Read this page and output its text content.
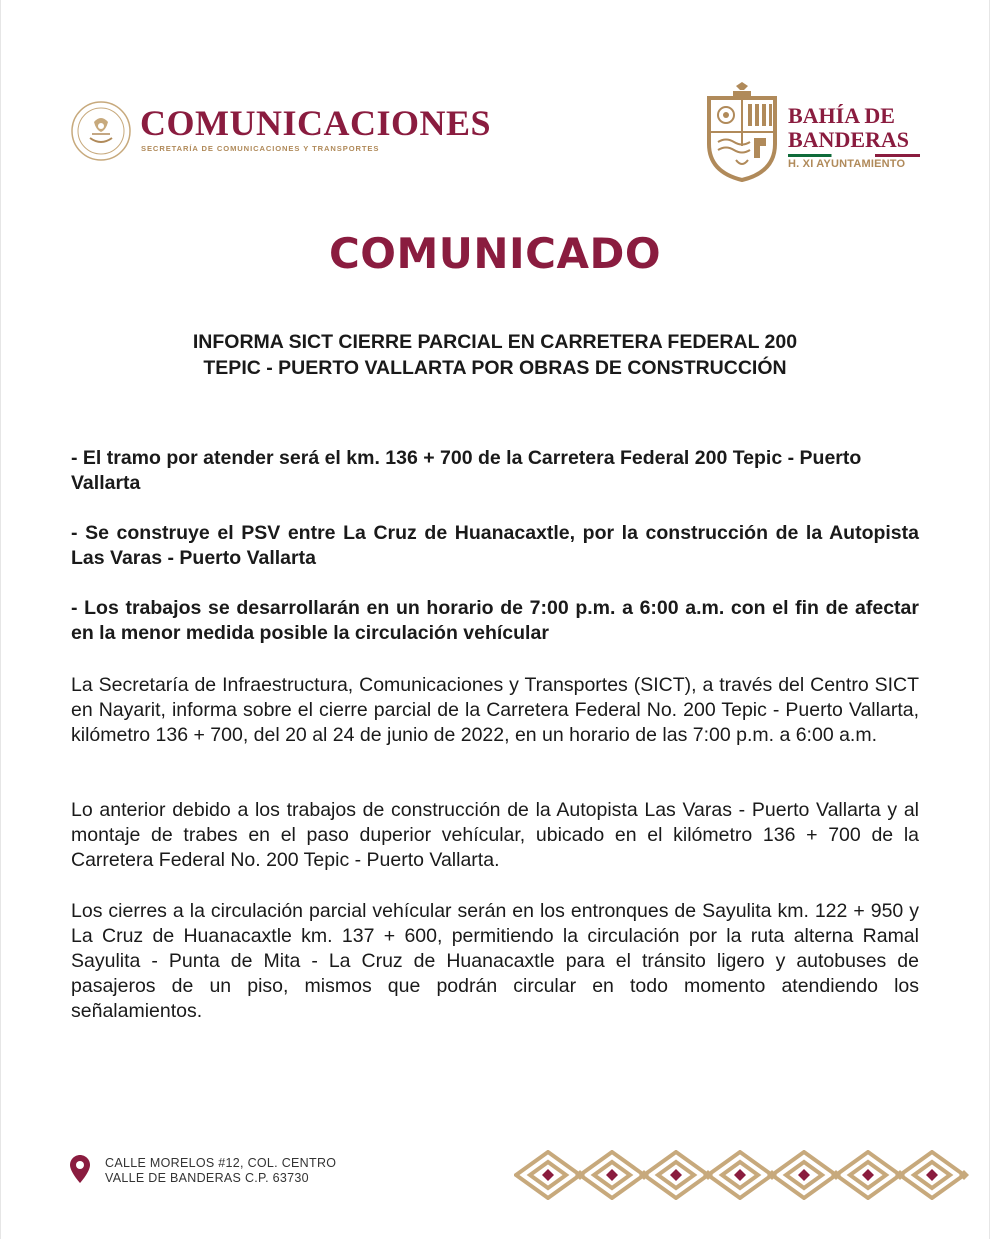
COMUNICACIONES
SECRETARÍA DE COMUNICACIONES Y TRANSPORTES
BAHÍA DE
BANDERAS
H. XI AYUNTAMIENTO
COMUNICADO
INFORMA SICT CIERRE PARCIAL EN CARRETERA FEDERAL 200
TEPIC - PUERTO VALLARTA POR OBRAS DE CONSTRUCCIÓN
- El tramo por atender será el km. 136 + 700 de la Carretera Federal 200 Tepic - Puerto Vallarta
- Se construye el PSV entre La Cruz de Huanacaxtle, por la construcción de la Autopista Las Varas - Puerto Vallarta
- Los trabajos se desarrollarán en un horario de 7:00 p.m. a 6:00 a.m. con el fin de afectar en la menor medida posible la circulación vehícular
La Secretaría de Infraestructura, Comunicaciones y Transportes (SICT), a través del Centro SICT en Nayarit, informa sobre el cierre parcial de la Carretera Federal No. 200 Tepic - Puerto Vallarta, kilómetro 136 + 700, del 20 al 24 de junio de 2022, en un horario de las 7:00 p.m. a 6:00 a.m.
Lo anterior debido a los trabajos de construcción de la Autopista Las Varas - Puerto Vallarta y al montaje de trabes en el paso duperior vehícular, ubicado en el kilómetro 136 + 700 de la Carretera Federal No. 200 Tepic - Puerto Vallarta.
Los cierres a la circulación parcial vehícular serán en los entronques de Sayulita km. 122 + 950 y La Cruz de Huanacaxtle km. 137 + 600, permitiendo la circulación por la ruta alterna Ramal Sayulita - Punta de Mita - La Cruz de Huanacaxtle para el tránsito ligero y autobuses de pasajeros de un piso, mismos que podrán circular en todo momento atendiendo los señalamientos.
CALLE MORELOS #12, COL. CENTRO
VALLE DE BANDERAS C.P. 63730
